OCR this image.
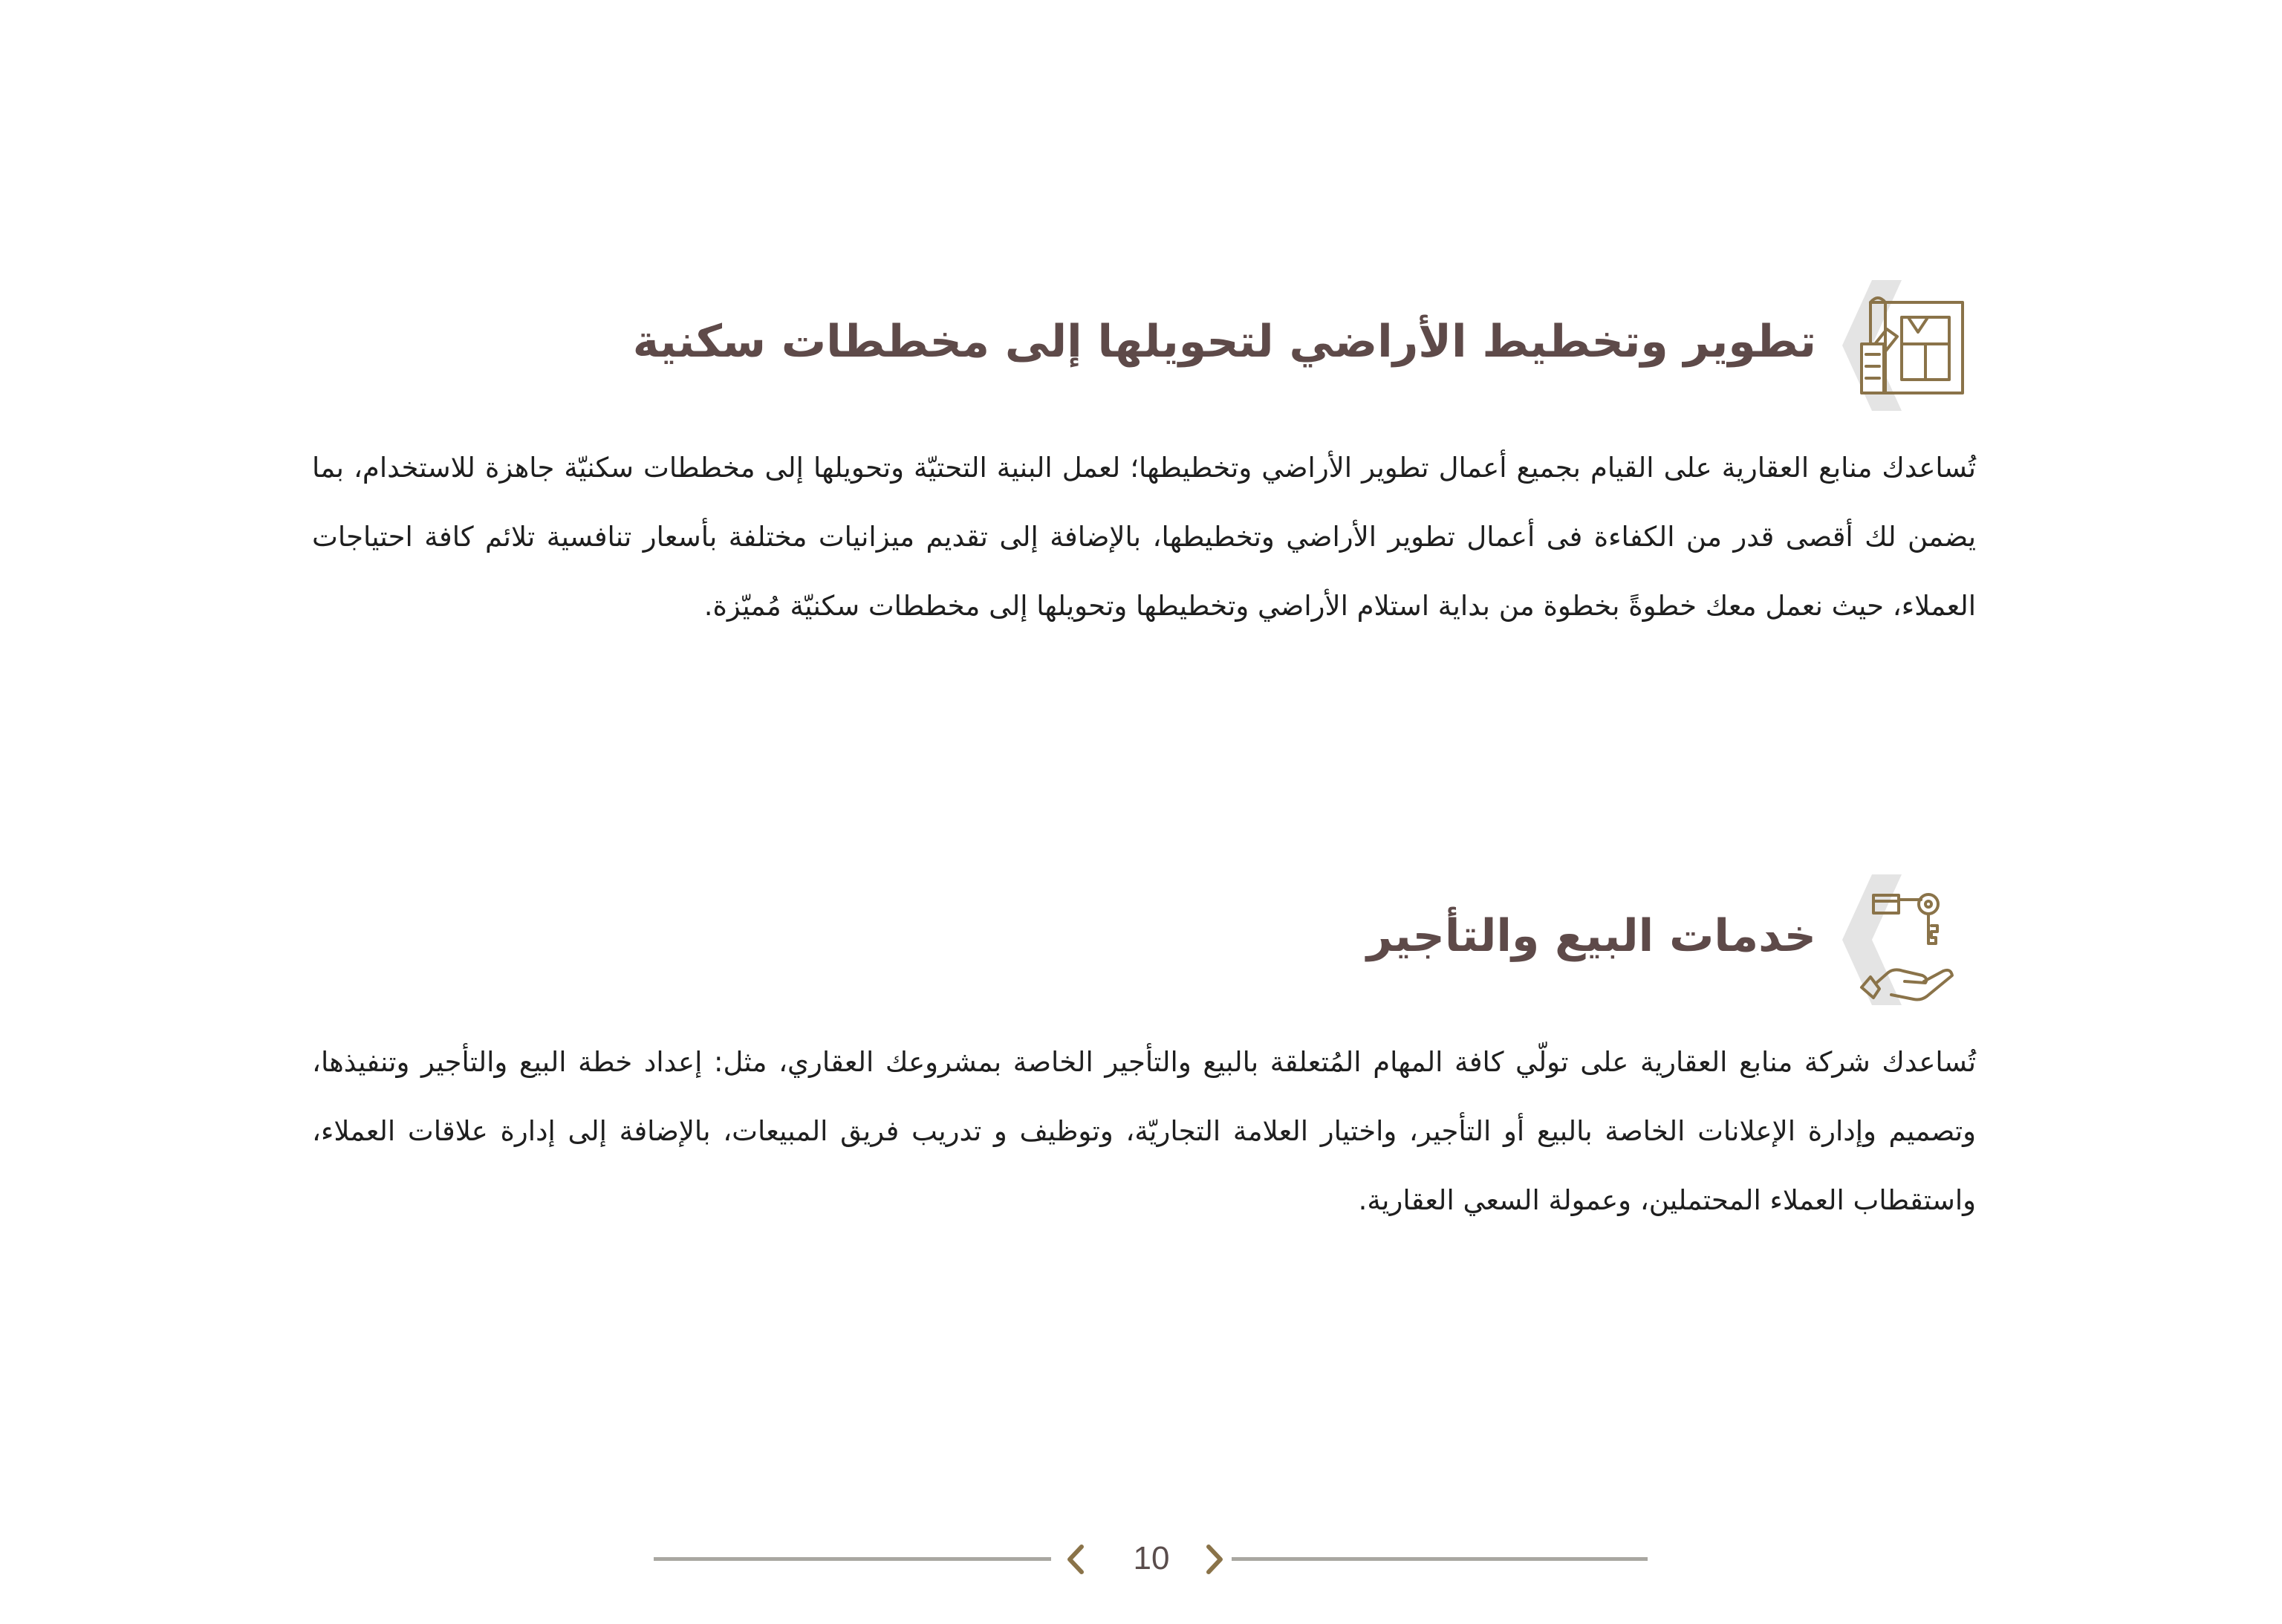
تطوير وتخطيط الأراضي لتحويلها إلى مخططات سكنية

تُساعدك منابع العقارية على القيام بجميع أعمال تطوير الأراضي وتخطيطها؛ لعمل البنية التحتيّة وتحويلها إلى مخططات سكنيّة جاهزة للاستخدام، بما يضمن لك أقصى قدر من الكفاءة فى أعمال تطوير الأراضي وتخطيطها، بالإضافة إلى تقديم ميزانيات مختلفة بأسعار تنافسية تلائم كافة احتياجات العملاء، حيث نعمل معك خطوةً بخطوة من بداية استلام الأراضي وتخطيطها وتحويلها إلى مخططات سكنيّة مُميّزة.

خدمات البيع والتأجير

تُساعدك شركة منابع العقارية على تولّي كافة المهام المُتعلقة بالبيع والتأجير الخاصة بمشروعك العقاري، مثل: إعداد خطة البيع والتأجير وتنفيذها، وتصميم وإدارة الإعلانات الخاصة بالبيع أو التأجير، واختيار العلامة التجاريّة، وتوظيف و تدريب فريق المبيعات، بالإضافة إلى إدارة علاقات العملاء، واستقطاب العملاء المحتملين، وعمولة السعي العقارية.

10
